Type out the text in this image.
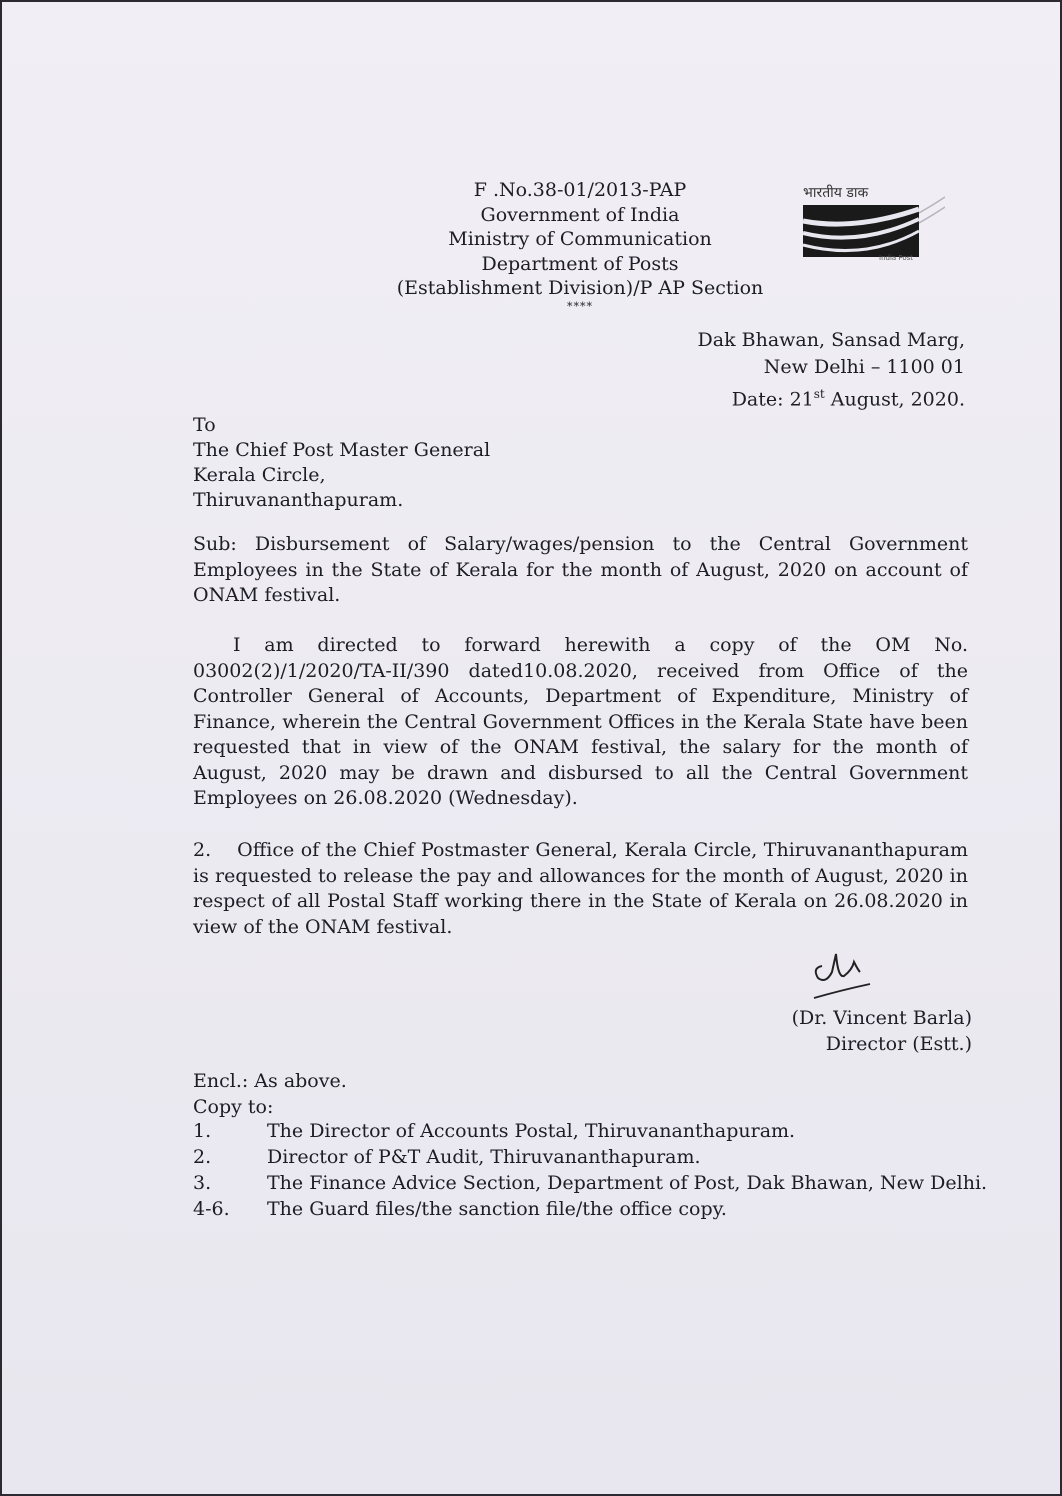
F .No.38-01/2013-PAP
Government of India
Ministry of Communication
Department of Posts
(Establishment Division)/P AP Section
****
भारतीय डाक
India Post
Dak Bhawan, Sansad Marg,
New Delhi – 1100 01
Date: 21st August, 2020.
To
The Chief Post Master General
Kerala Circle,
Thiruvananthapuram.
Sub: Disbursement of Salary/wages/pension to the Central Government Employees in the State of Kerala for the month of August, 2020 on account of ONAM festival.
I am directed to forward herewith a copy of the OM No. 03002(2)/1/2020/TA-II/390 dated10.08.2020, received from Office of the Controller General of Accounts, Department of Expenditure, Ministry of Finance, wherein the Central Government Offices in the Kerala State have been requested that in view of the ONAM festival, the salary for the month of August, 2020 may be drawn and disbursed to all the Central Government Employees on 26.08.2020 (Wednesday).
2.    Office of the Chief Postmaster General, Kerala Circle, Thiruvananthapuram is requested to release the pay and allowances for the month of August, 2020 in respect of all Postal Staff working there in the State of Kerala on 26.08.2020 in view of the ONAM festival.
(Dr. Vincent Barla)
Director (Estt.)
Encl.: As above.
Copy to:
1.	The Director of Accounts Postal, Thiruvananthapuram.
2.	Director of P&T Audit, Thiruvananthapuram.
3.	The Finance Advice Section, Department of Post, Dak Bhawan, New Delhi.
4-6.	The Guard files/the sanction file/the office copy.
